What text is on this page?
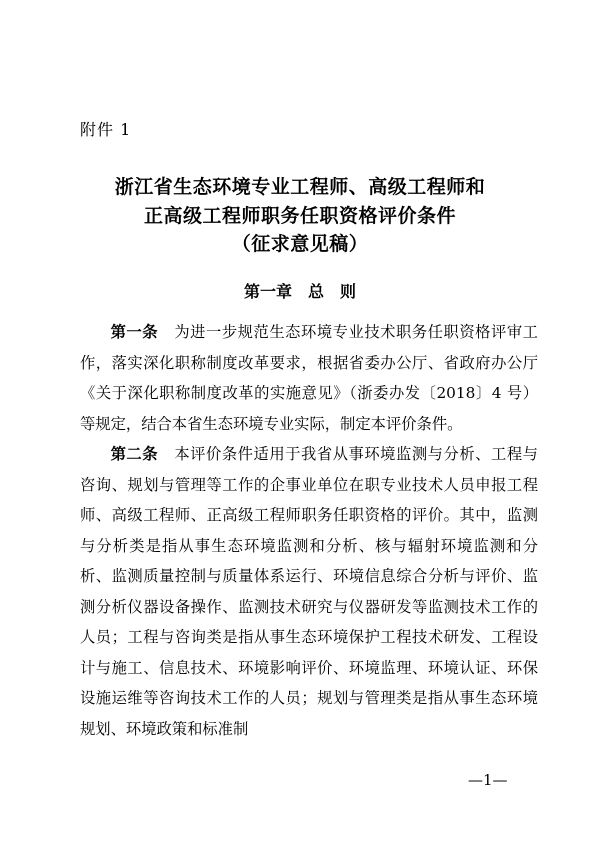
附件 1
浙江省生态环境专业工程师、高级工程师和
正高级工程师职务任职资格评价条件
（征求意见稿）
第一章　总　则

第一条 为进一步规范生态环境专业技术职务任职资格评审工作，落实深化职称制度改革要求，根据省委办公厅、省政府办公厅《关于深化职称制度改革的实施意见》（浙委办发〔2018〕4 号）等规定，结合本省生态环境专业实际，制定本评价条件。

第二条 本评价条件适用于我省从事环境监测与分析、工程与咨询、规划与管理等工作的企事业单位在职专业技术人员申报工程师、高级工程师、正高级工程师职务任职资格的评价。其中，监测与分析类是指从事生态环境监测和分析、核与辐射环境监测和分析、监测质量控制与质量体系运行、环境信息综合分析与评价、监测分析仪器设备操作、监测技术研究与仪器研发等监测技术工作的人员；工程与咨询类是指从事生态环境保护工程技术研发、工程设计与施工、信息技术、环境影响评价、环境监理、环境认证、环保设施运维等咨询技术工作的人员；规划与管理类是指从事生态环境规划、环境政策和标准制

—1—
